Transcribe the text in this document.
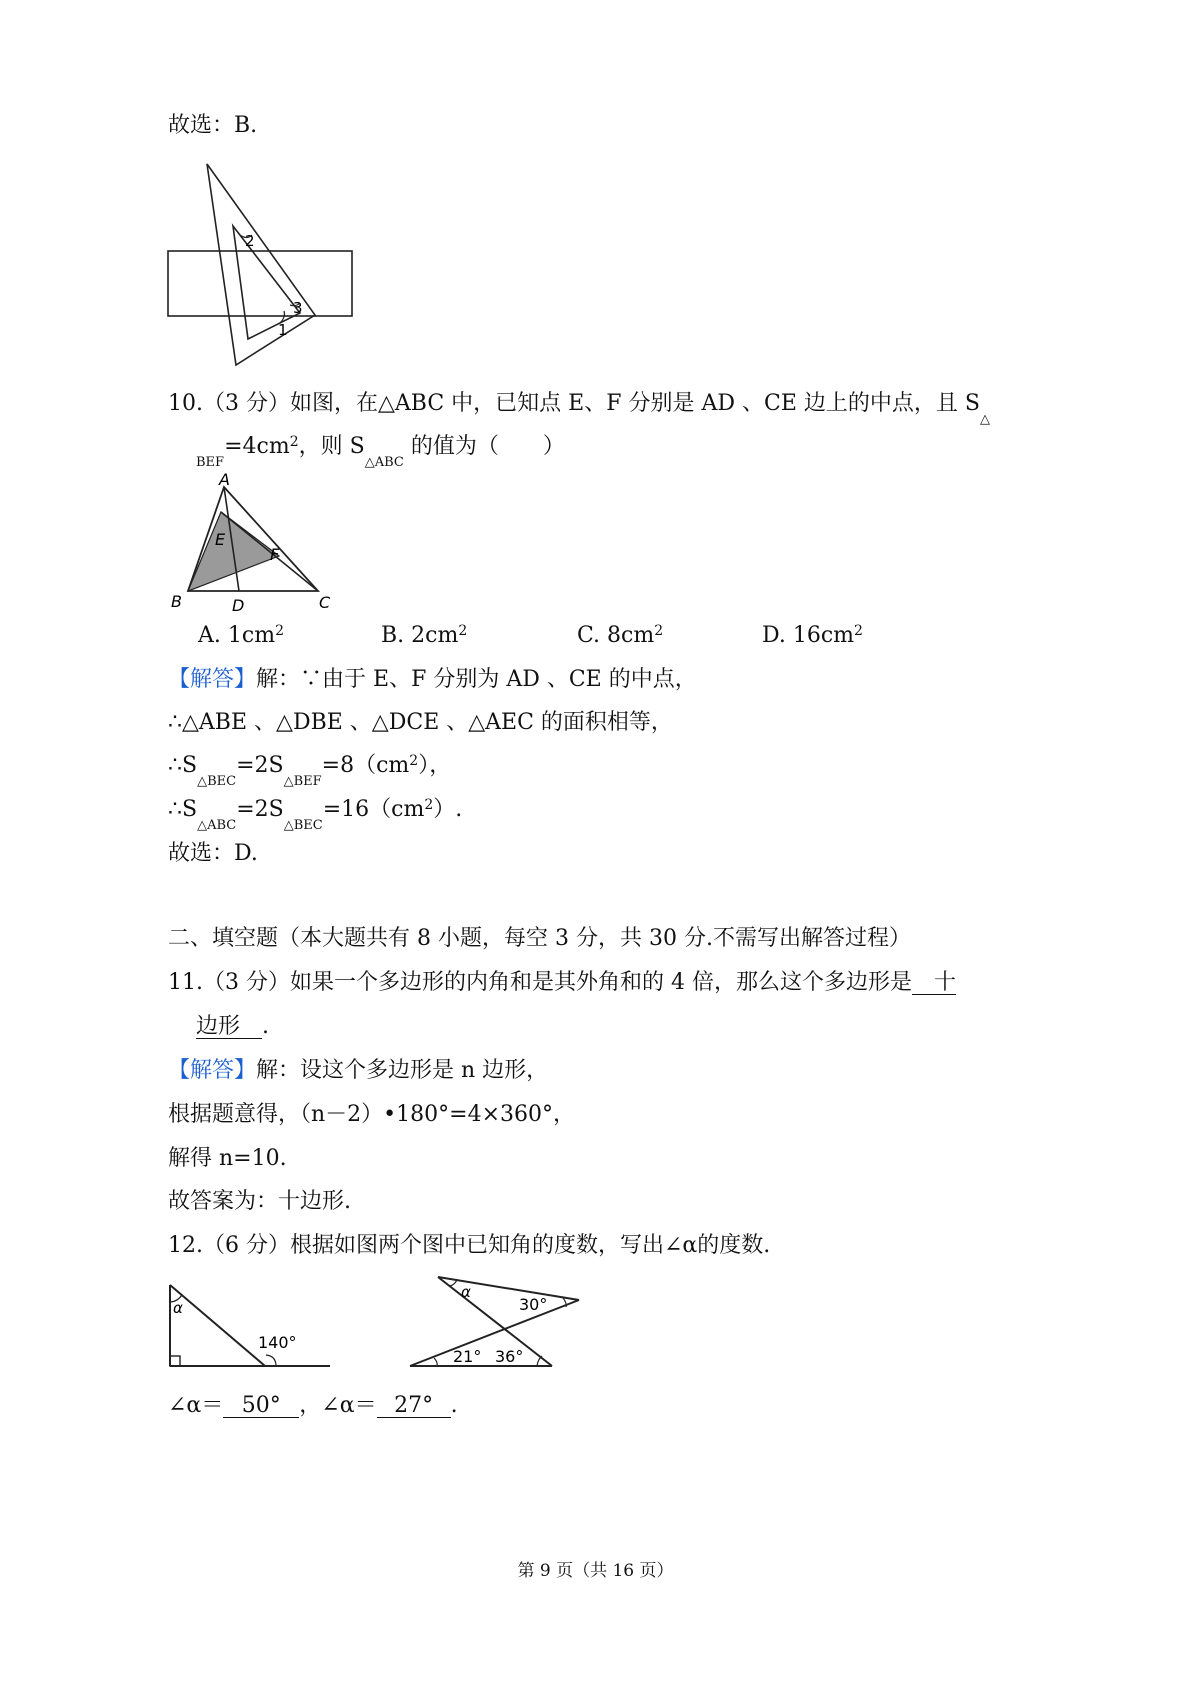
故选：B.
2
3
1
10.（3 分）如图，在△ABC 中，已知点 E、F 分别是 AD 、CE 边上的中点，且 $S_\triangle$
$_{BEF}=4cm^2$，则 $S_{\triangle ABC}$ 的值为（　　）
A
B	C
D
E
F
A. $1cm^2$	B. $2cm^2$	C. $8cm^2$	D. $16cm^2$
【解答】解：∵由于 E、F 分别为 AD 、CE 的中点，
∴△ABE 、△DBE 、△DCE 、△AEC 的面积相等，
$\therefore S_{\triangle BEC}=2S_{\triangle BEF}=8(cm^2)$，
$\therefore S_{\triangle ABC}=2S_{\triangle BEC}=16(cm^2)$.
故选：D.
二、填空题（本大题共有 8 小题，每空 3 分，共 30 分.不需写出解答过程）
11.（3 分）如果一个多边形的内角和是其外角和的 4 倍，那么这个多边形是 十
边形 .
【解答】解：设这个多边形是 n 边形，
根据题意得，（n－2）•180°=4×360°，
解得 n=10.
故答案为：十边形.
12.（6 分）根据如图两个图中已知角的度数，写出∠α的度数.
α
140°
α
30°
21° 36°
∠α＝ 50° ，∠α＝ 27° .
第 9 页（共 16 页）
